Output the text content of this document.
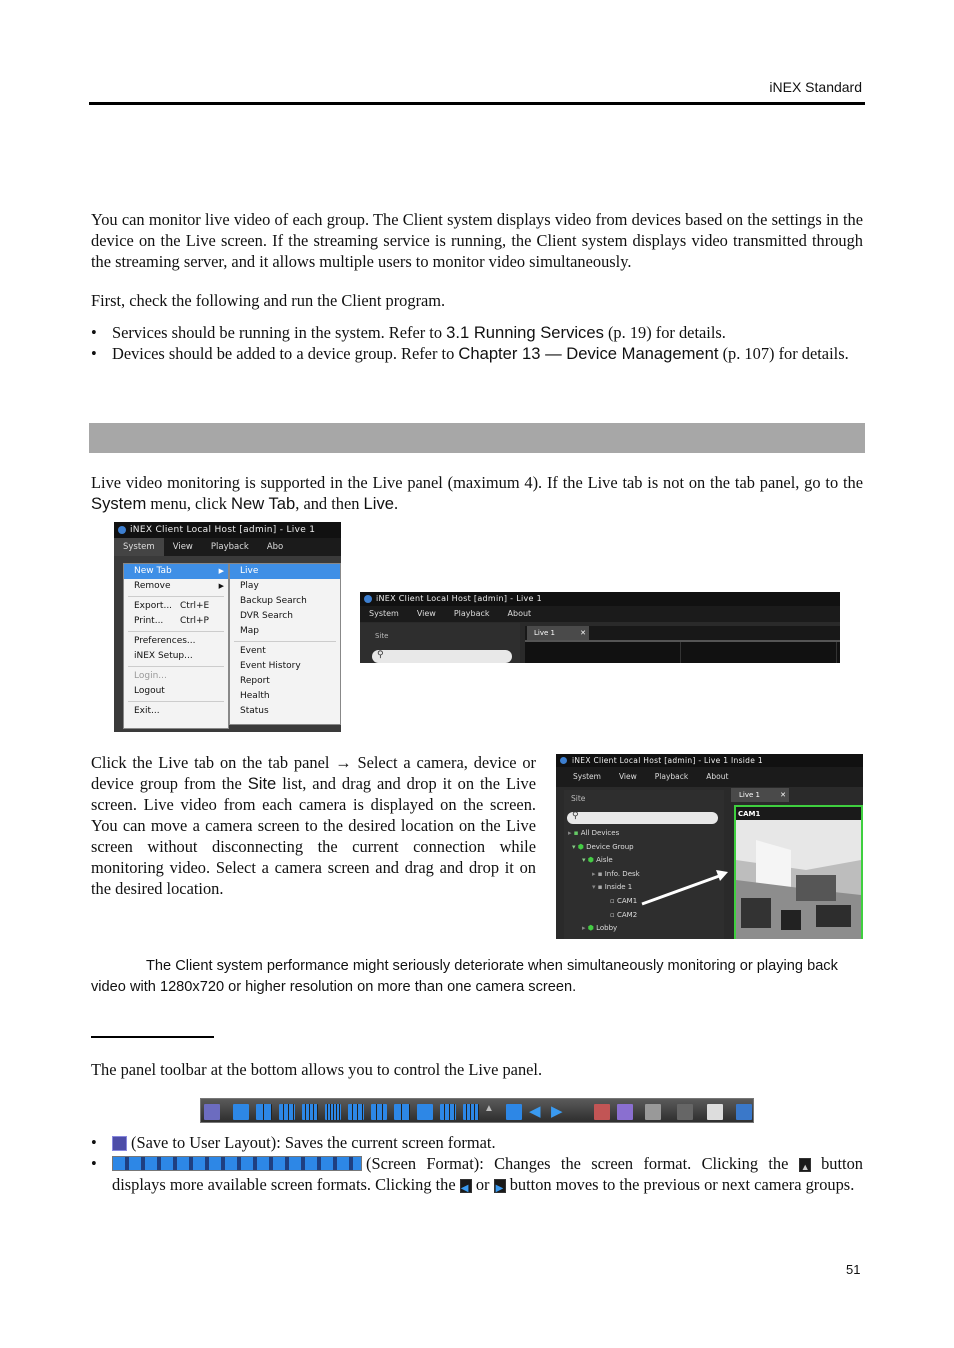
iNEX Standard
You can monitor live video of each group. The Client system displays video from devices based on the settings in the device on the Live screen. If the streaming service is running, the Client system displays video transmitted through the streaming server, and it allows multiple users to monitor video simultaneously.
First, check the following and run the Client program.
• Services should be running in the system. Refer to 3.1 Running Services (p. 19) for details.
• Devices should be added to a device group. Refer to Chapter 13 — Device Management (p. 107) for details.
Live video monitoring is supported in the Live panel (maximum 4). If the Live tab is not on the tab panel, go to the System menu, click New Tab, and then Live.
iNEX Client Local Host [admin] - Live 1
System View Playback Abo
New Tab	▶
Remove	▶
Export... Ctrl+E
Print... Ctrl+P
Preferences...
iNEX Setup...
Login...
Logout
Exit...
Live
Play
Backup Search
DVR Search
Map
Event
Event History
Report
Health
Status
iNEX Client Local Host [admin] - Live 1
System View Playback About
Site
⚲
Live 1	✕
Click the Live tab on the tab panel → Select a camera, device or device group from the Site list, and drag and drop it on the Live screen. Live video from each camera is displayed on the screen. You can move a camera screen to the desired location on the Live screen without disconnecting the current connection while monitoring video. Select a camera screen and drag and drop it on the desired location.
iNEX Client Local Host [admin] - Live 1 Inside 1
System View Playback About
Site
⚲
▸ ▪ All Devices
▾ ⬢ Device Group
▾ ⬢ Aisle
▸ ▪ Info. Desk
▾ ▪ Inside 1
▫ CAM1
▫ CAM2
▸ ⬢ Lobby
Live 1	✕
CAM1
The Client system performance might seriously deteriorate when simultaneously monitoring or playing back video with 1280x720 or higher resolution on more than one camera screen.
The panel toolbar at the bottom allows you to control the Live panel.
▲ ◀ ▶
• (Save to User Layout): Saves the current screen format.
•	(Screen Format): Changes the screen format. Clicking the ▲ button displays more available screen formats. Clicking the ◀ or ▶ button moves to the previous or next camera groups.
51
